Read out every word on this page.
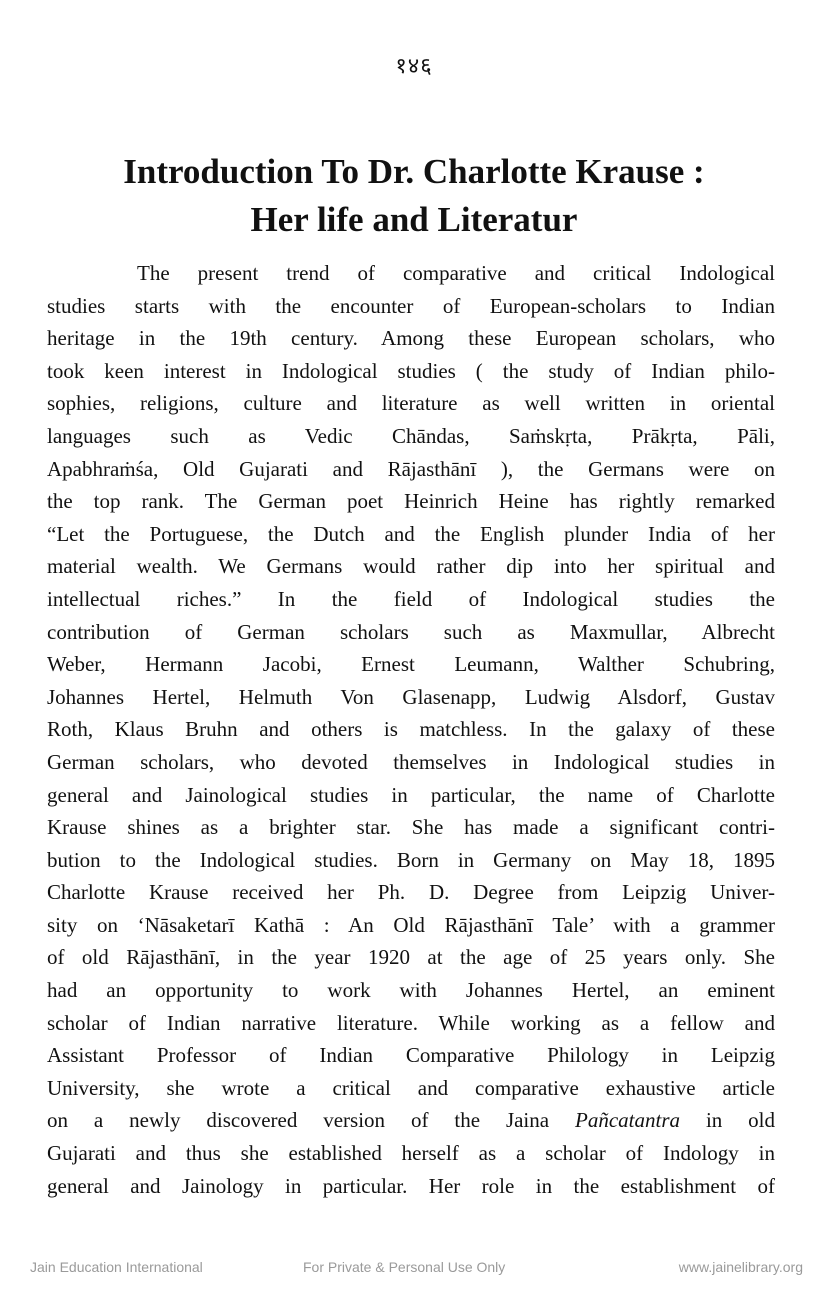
१४६
Introduction To Dr. Charlotte Krause :
Her life and Literatur
The present trend of comparative and critical Indological
studies starts with the encounter of European-scholars to Indian
heritage in the 19th century. Among these European scholars, who
took keen interest in Indological studies ( the study of Indian philo-
sophies, religions, culture and literature as well written in oriental
languages such as Vedic Chāndas, Saṁskṛta, Prākṛta, Pāli,
Apabhraṁśa, Old Gujarati and Rājasthānī ), the Germans were on
the top rank. The German poet Heinrich Heine has rightly remarked
“Let the Portuguese, the Dutch and the English plunder India of her
material wealth. We Germans would rather dip into her spiritual and
intellectual riches.” In the field of Indological studies the
contribution of German scholars such as Maxmullar, Albrecht
Weber, Hermann Jacobi, Ernest Leumann, Walther Schubring,
Johannes Hertel, Helmuth Von Glasenapp, Ludwig Alsdorf, Gustav
Roth, Klaus Bruhn and others is matchless. In the galaxy of these
German scholars, who devoted themselves in Indological studies in
general and Jainological studies in particular, the name of Charlotte
Krause shines as a brighter star. She has made a significant contri-
bution to the Indological studies. Born in Germany on May 18, 1895
Charlotte Krause received her Ph. D. Degree from Leipzig Univer-
sity on ‘Nāsaketarī Kathā : An Old Rājasthānī Tale’ with a grammer
of old Rājasthānī, in the year 1920 at the age of 25 years only. She
had an opportunity to work with Johannes Hertel, an eminent
scholar of Indian narrative literature. While working as a fellow and
Assistant Professor of Indian Comparative Philology in Leipzig
University, she wrote a critical and comparative exhaustive article
on a newly discovered version of the Jaina Pañcatantra in old
Gujarati and thus she established herself as a scholar of Indology in
general and Jainology in particular. Her role in the establishment of
Jain Education International	For Private & Personal Use Only	www.jainelibrary.org
